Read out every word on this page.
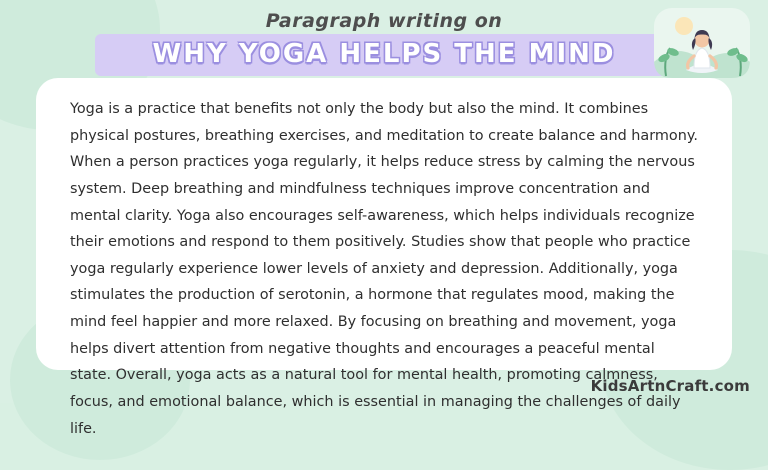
Paragraph writing on

WHY YOGA HELPS THE MIND

Yoga is a practice that benefits not only the body but also the mind. It combines physical postures, breathing exercises, and meditation to create balance and harmony. When a person practices yoga regularly, it helps reduce stress by calming the nervous system. Deep breathing and mindfulness techniques improve concentration and mental clarity. Yoga also encourages self-awareness, which helps individuals recognize their emotions and respond to them positively. Studies show that people who practice yoga regularly experience lower levels of anxiety and depression. Additionally, yoga stimulates the production of serotonin, a hormone that regulates mood, making the mind feel happier and more relaxed. By focusing on breathing and movement, yoga helps divert attention from negative thoughts and encourages a peaceful mental state. Overall, yoga acts as a natural tool for mental health, promoting calmness, focus, and emotional balance, which is essential in managing the challenges of daily life.

KidsArtnCraft.com
